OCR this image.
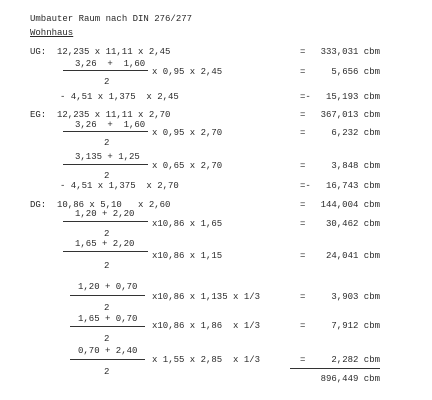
Umbauter Raum nach DIN 276/277
Wohnhaus
UG: 12,235 x 11,11 x 2,45	= 333,031 cbm
3,26  +  1,60
2
x 0,95 x 2,45	=	5,656 cbm
- 4,51 x 1,375  x 2,45	=- 15,193 cbm
EG: 12,235 x 11,11 x 2,70	= 367,013 cbm
3,26  +  1,60
2
x 0,95 x 2,70	=	6,232 cbm
3,135 + 1,25
2
x 0,65 x 2,70	=	3,848 cbm
- 4,51 x 1,375  x 2,70	=- 16,743 cbm
DG: 10,86 x 5,10   x 2,60	= 144,004 cbm
1,20 + 2,20
2
x10,86 x 1,65	= 30,462 cbm
1,65 + 2,20
2
x10,86 x 1,15	= 24,041 cbm
1,20 + 0,70
2
x10,86 x 1,135 x 1/3	=	3,903 cbm
1,65 + 0,70
2
x10,86 x 1,86  x 1/3	=	7,912 cbm
0,70 + 2,40
2
x 1,55 x 2,85  x 1/3	=	2,282 cbm
896,449 cbm
